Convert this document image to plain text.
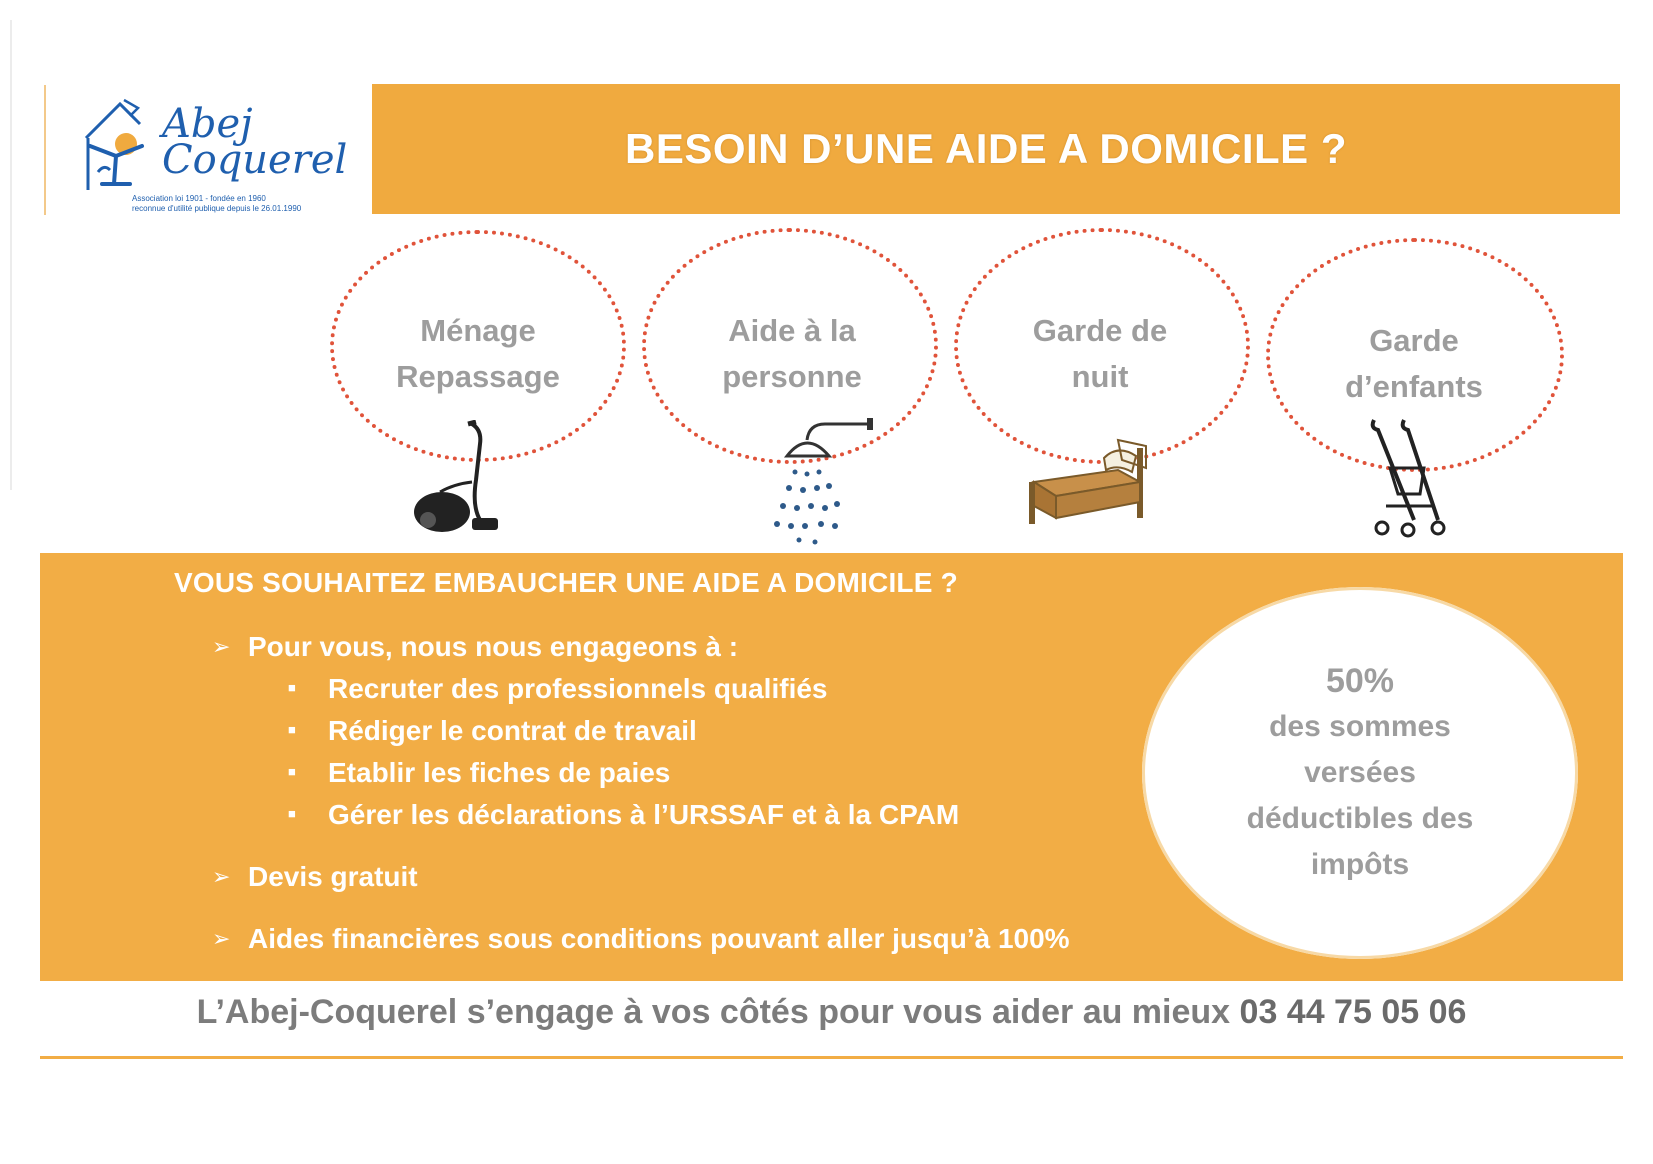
Abej
Coquerel
Association loi 1901 - fondée en 1960
reconnue d'utilité publique depuis le 26.01.1990
BESOIN D’UNE AIDE A DOMICILE ?
Ménage
Repassage
Aide à la
personne
Garde de
nuit
Garde
d’enfants
VOUS SOUHAITEZ EMBAUCHER UNE AIDE A DOMICILE ?
➢ Pour vous, nous nous engageons à :
■ Recruter des professionnels qualifiés
■ Rédiger le contrat de travail
■ Etablir les fiches de paies
■ Gérer les déclarations à l’URSSAF et à la CPAM
➢ Devis gratuit
➢ Aides financières sous conditions pouvant aller jusqu’à 100%
50%
des sommes
versées
déductibles des
impôts
L’Abej-Coquerel s’engage à vos côtés pour vous aider au mieux 03 44 75 05 06
